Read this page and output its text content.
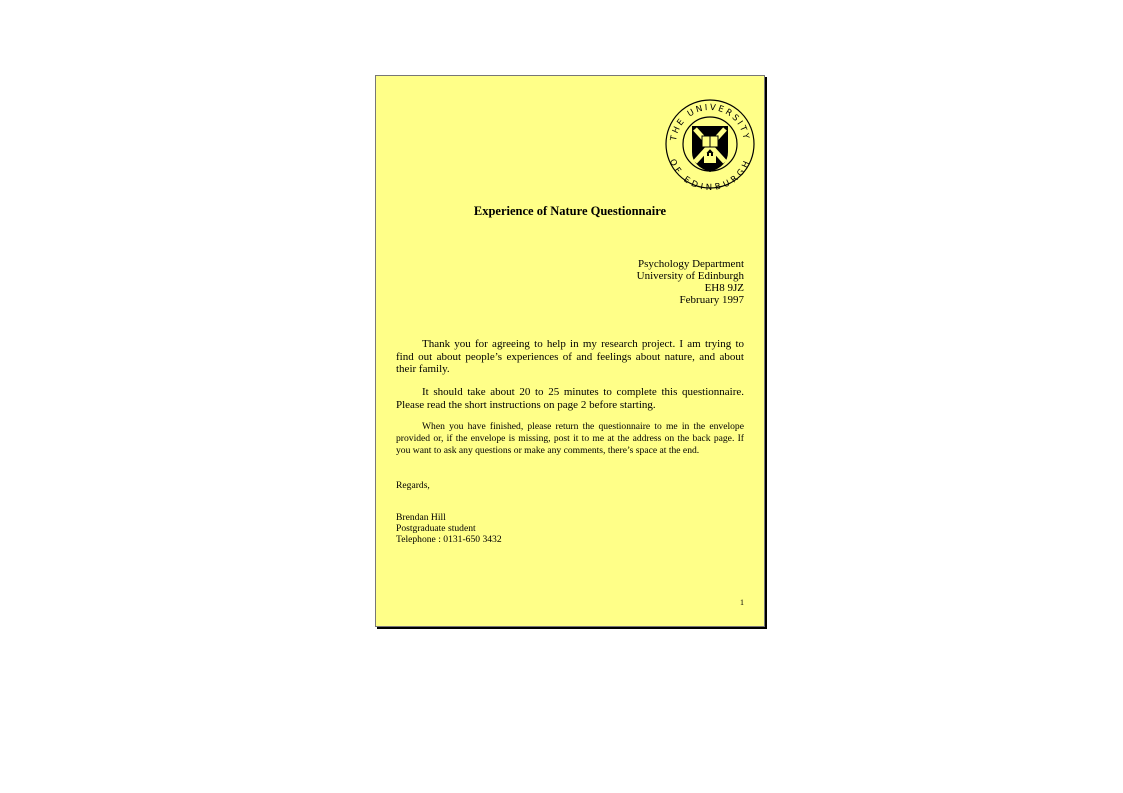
THE UNIVERSITY
OF EDINBURGH
Experience of Nature Questionnaire
Psychology Department
University of Edinburgh
EH8 9JZ
February 1997
Thank you for agreeing to help in my research project. I am trying to find out about people’s experiences of and feelings about nature, and about their family.
It should take about 20 to 25 minutes to complete this questionnaire. Please read the short instructions on page 2 before starting.
When you have finished, please return the questionnaire to me in the envelope provided or, if the envelope is missing, post it to me at the address on the back page. If you want to ask any questions or make any comments, there’s space at the end.
Regards,
Brendan Hill
Postgraduate student
Telephone : 0131-650 3432
1
